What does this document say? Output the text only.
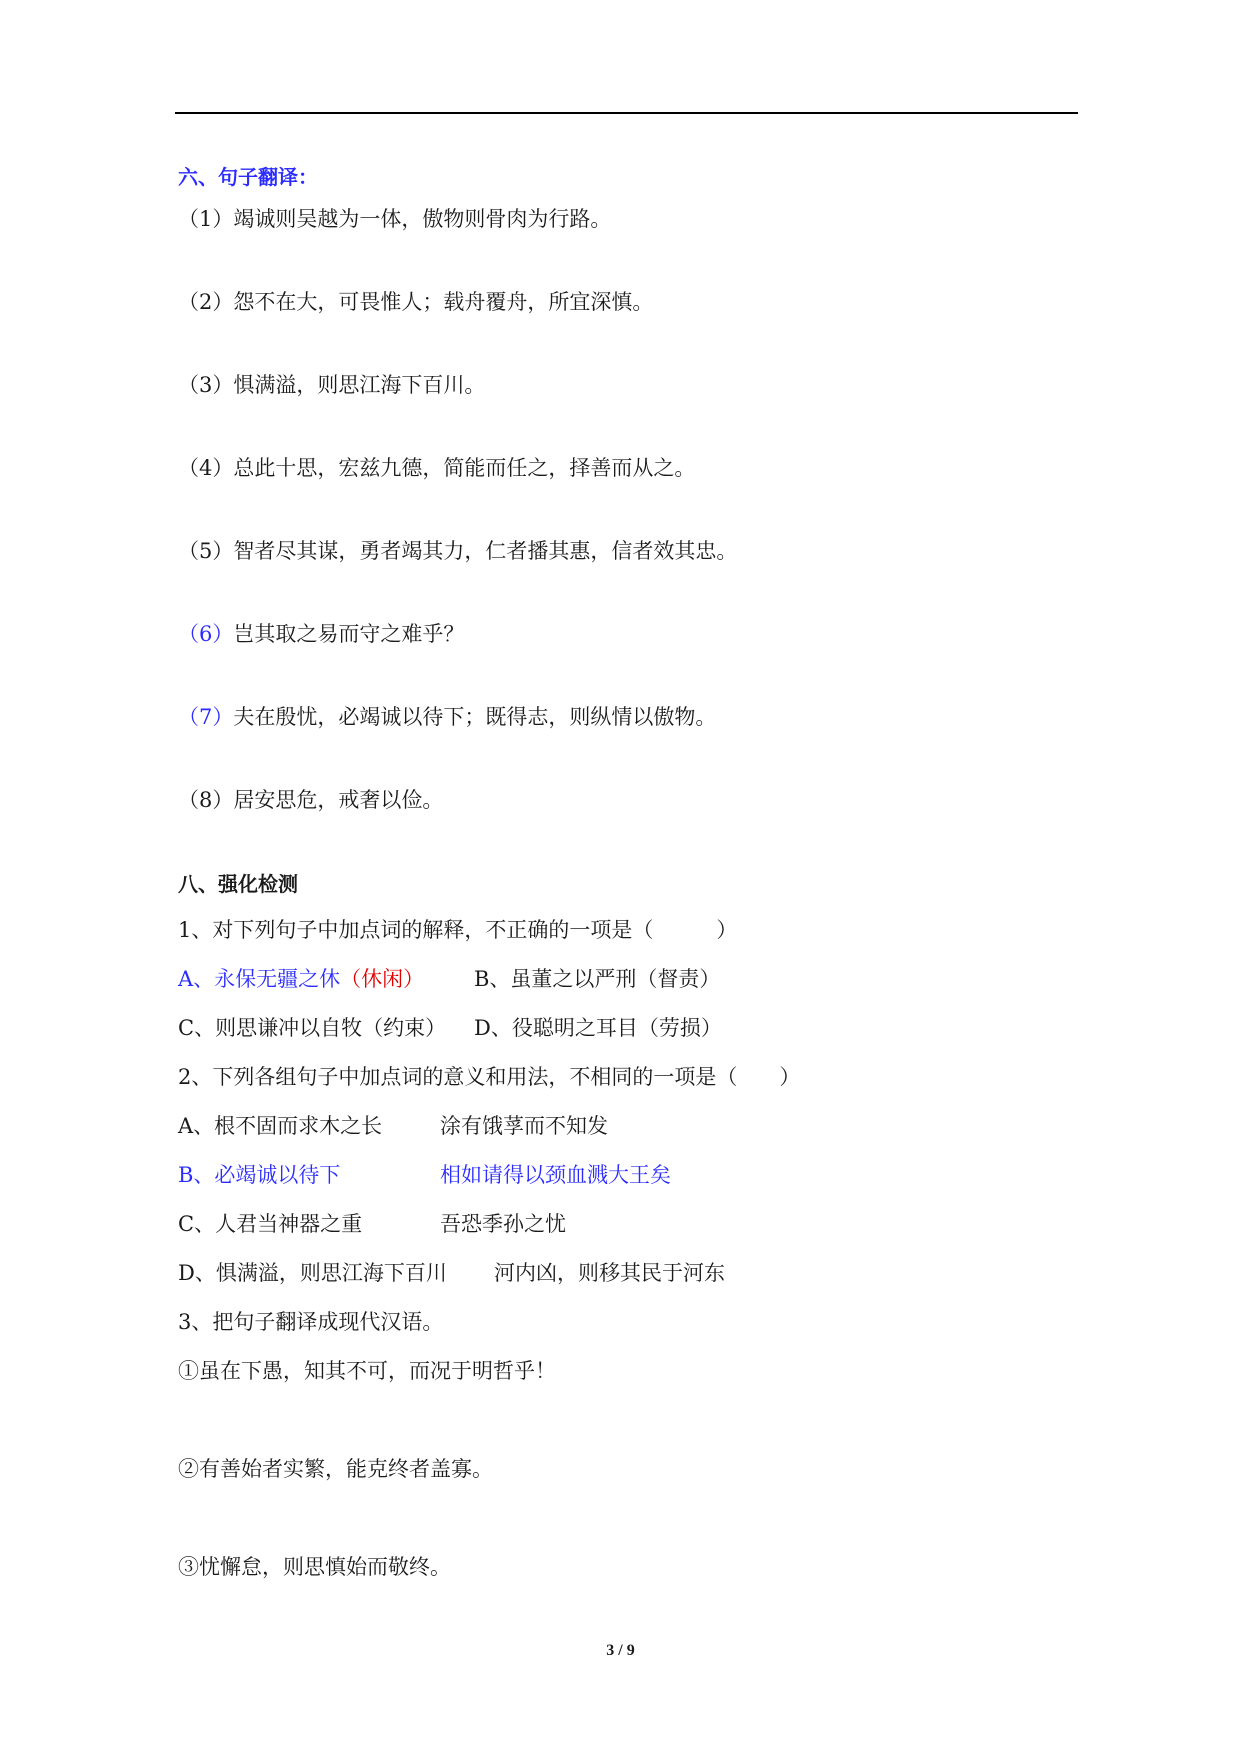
六、句子翻译：
（1）竭诚则吴越为一体，傲物则骨肉为行路。
（2）怨不在大，可畏惟人；载舟覆舟，所宜深慎。
（3）惧满溢，则思江海下百川。
（4）总此十思，宏兹九德，简能而任之，择善而从之。
（5）智者尽其谋，勇者竭其力，仁者播其惠，信者效其忠。
（6）岂其取之易而守之难乎？
（7）夫在殷忧，必竭诚以待下；既得志，则纵情以傲物。
（8）居安思危，戒奢以俭。
八、强化检测
1、对下列句子中加点词的解释，不正确的一项是（　　　）
A、永保无疆之休（休闲） B、虽董之以严刑（督责）
C、则思谦冲以自牧（约束） D、役聪明之耳目（劳损）
2、下列各组句子中加点词的意义和用法，不相同的一项是（　　）
A、根不固而求木之长	涂有饿莩而不知发
B、必竭诚以待下	相如请得以颈血溅大王矣
C、人君当神器之重	吾恐季孙之忧
D、惧满溢，则思江海下百川 河内凶，则移其民于河东
3、把句子翻译成现代汉语。
①虽在下愚，知其不可，而况于明哲乎！
②有善始者实繁，能克终者盖寡。
③忧懈怠，则思慎始而敬终。
3 / 9
